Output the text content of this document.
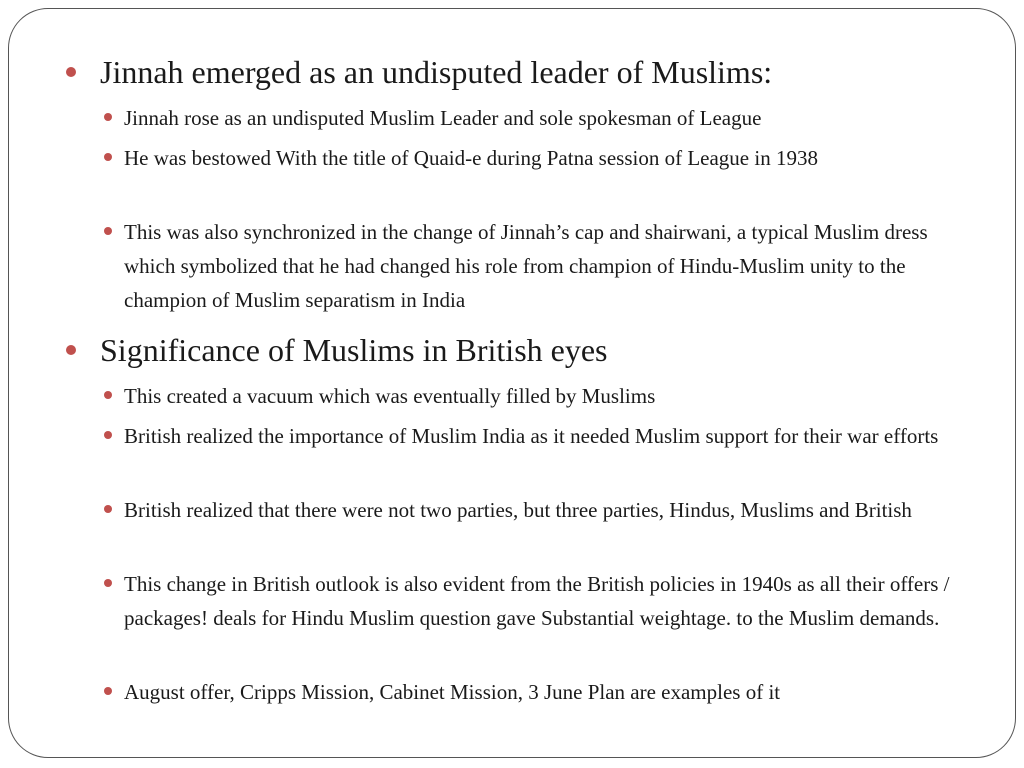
Jinnah emerged as an undisputed leader of Muslims:
Jinnah rose as an undisputed Muslim Leader and sole spokesman of League
He was bestowed With the title of Quaid-e during Patna session of League in 1938
This was also synchronized in the change of Jinnah’s cap and shairwani, a typical Muslim dress which symbolized that he had changed his role from champion of Hindu-Muslim unity to the champion of Muslim separatism in India
Significance of Muslims in British eyes
This created a vacuum which was eventually filled by Muslims
British realized the importance of Muslim India as it needed Muslim support for their war efforts
British realized that there were not two parties, but three parties, Hindus, Muslims and British
This change in British outlook is also evident from the British policies in 1940s as all their offers / packages! deals for Hindu Muslim question gave Substantial weightage. to the Muslim demands.
August offer, Cripps Mission, Cabinet Mission, 3 June Plan are examples of it
